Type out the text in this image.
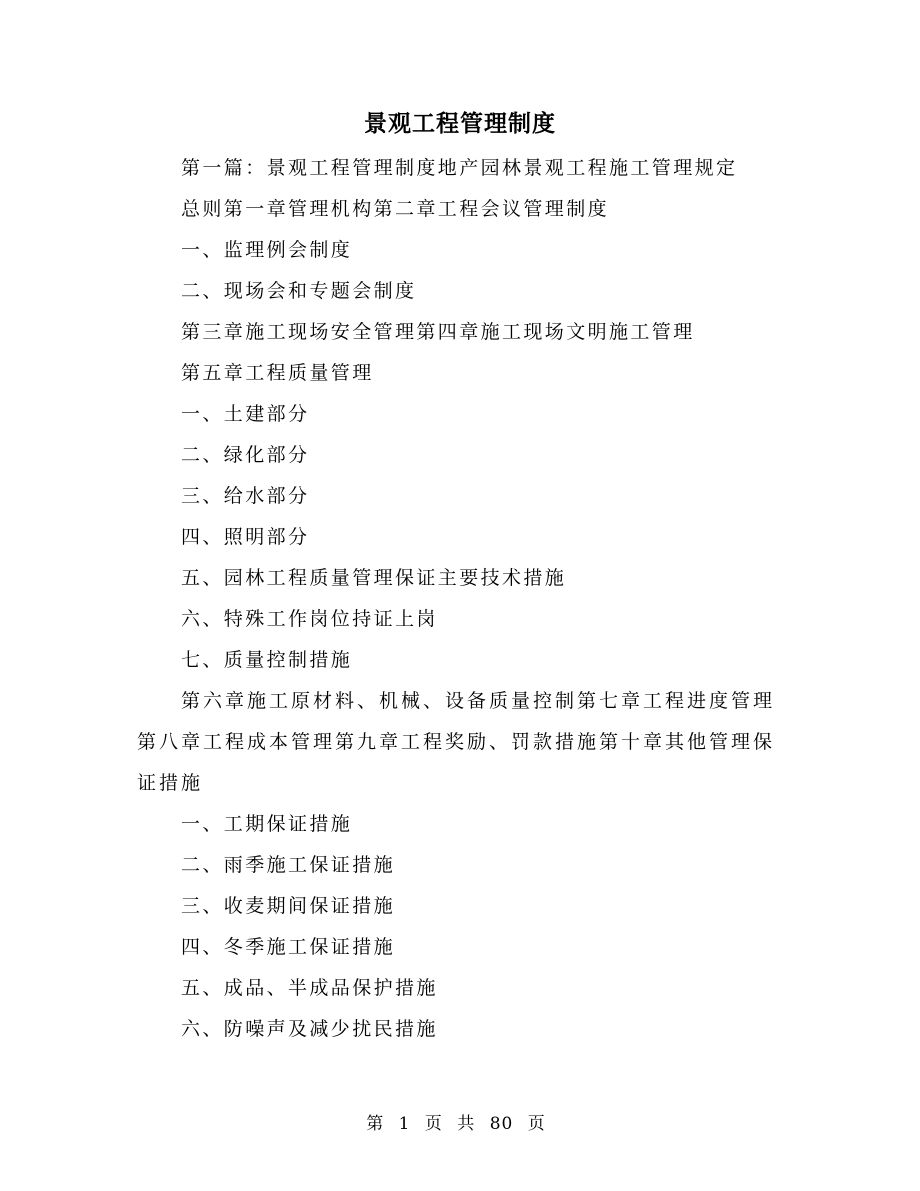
景观工程管理制度

第一篇：景观工程管理制度地产园林景观工程施工管理规定

总则第一章管理机构第二章工程会议管理制度

一、监理例会制度

二、现场会和专题会制度

第三章施工现场安全管理第四章施工现场文明施工管理

第五章工程质量管理

一、土建部分

二、绿化部分

三、给水部分

四、照明部分

五、园林工程质量管理保证主要技术措施

六、特殊工作岗位持证上岗

七、质量控制措施

第六章施工原材料、机械、设备质量控制第七章工程进度管理第八章工程成本管理第九章工程奖励、罚款措施第十章其他管理保证措施

一、工期保证措施

二、雨季施工保证措施

三、收麦期间保证措施

四、冬季施工保证措施

五、成品、半成品保护措施

六、防噪声及减少扰民措施

第 1 页 共 80 页
